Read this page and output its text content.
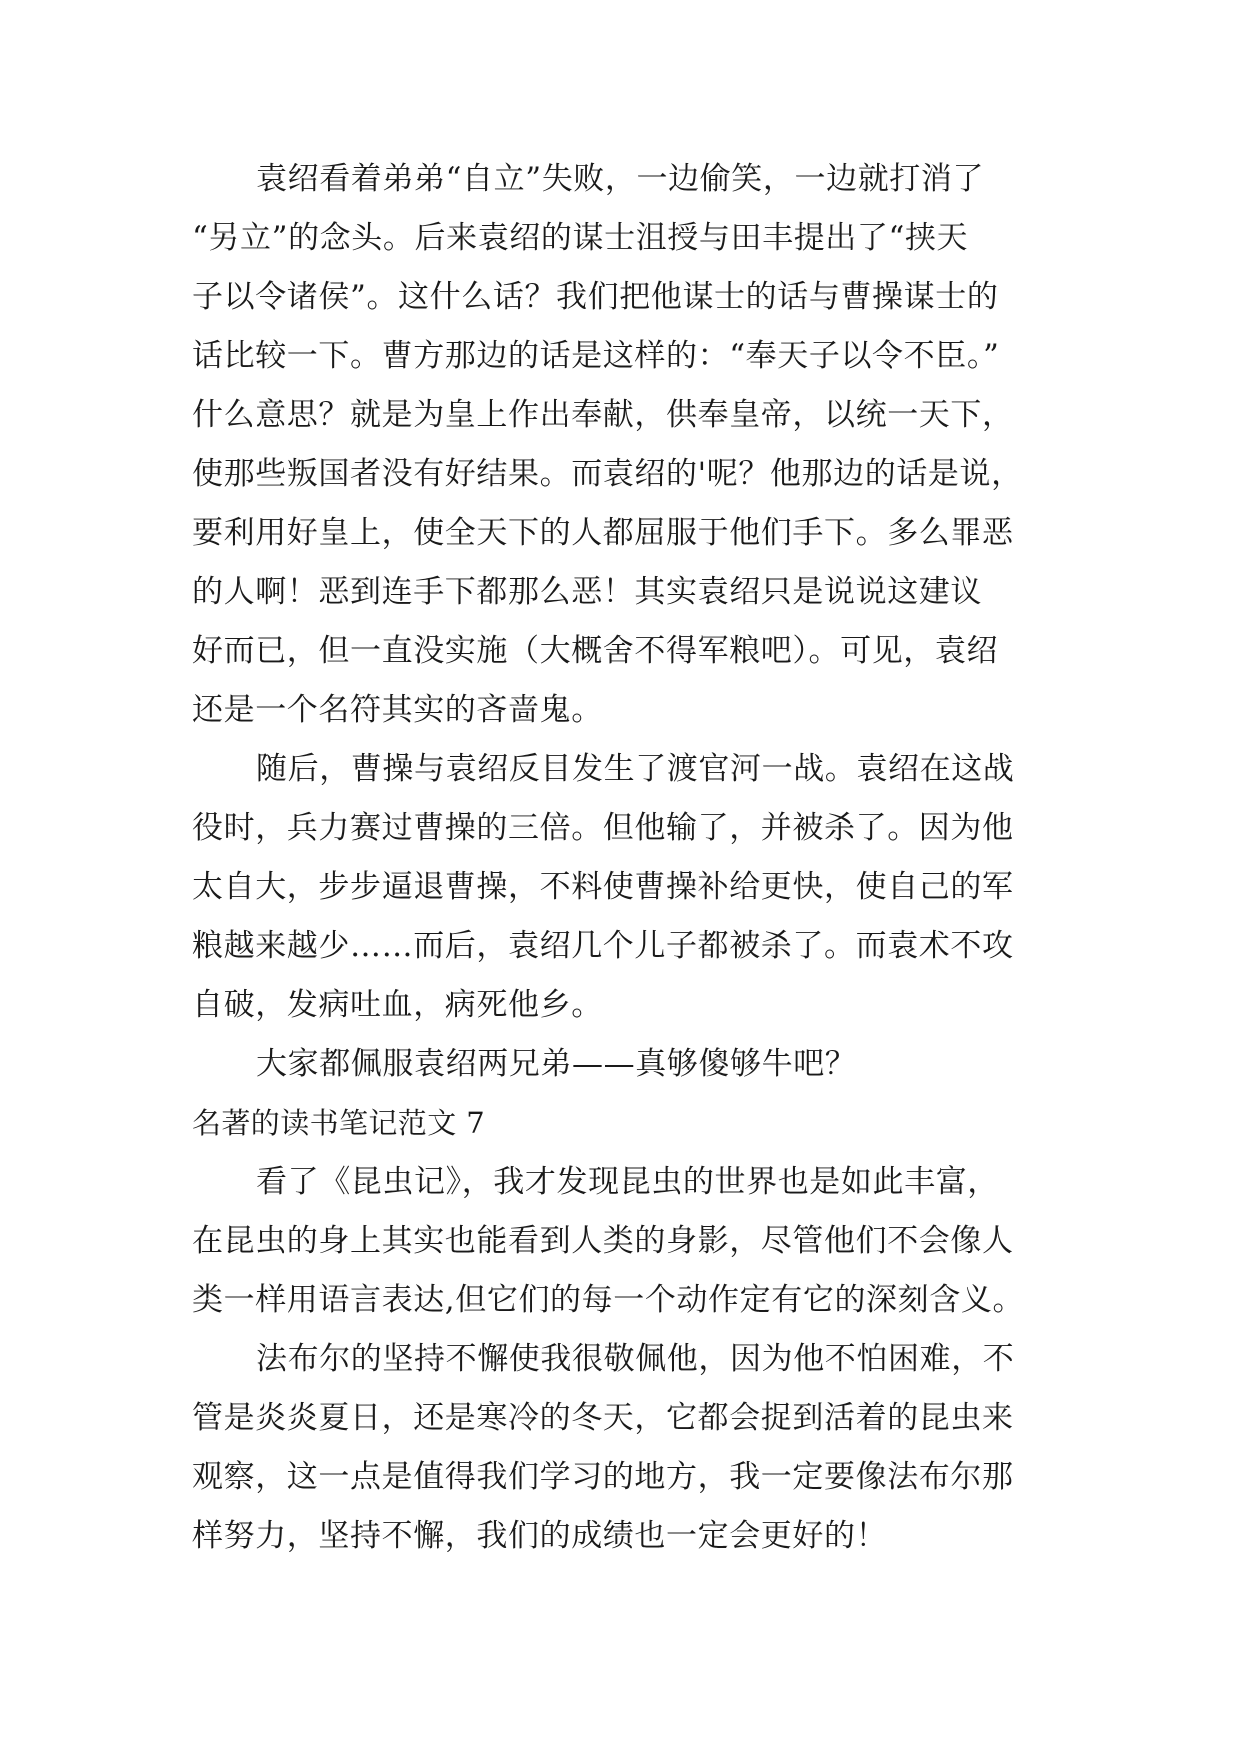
袁绍看着弟弟“自立”失败，一边偷笑，一边就打消了
“另立”的念头。后来袁绍的谋士沮授与田丰提出了“挟天
子以令诸侯”。这什么话？我们把他谋士的话与曹操谋士的
话比较一下。曹方那边的话是这样的：“奉天子以令不臣。”
什么意思？就是为皇上作出奉献，供奉皇帝，以统一天下，
使那些叛国者没有好结果。而袁绍的'呢？他那边的话是说，
要利用好皇上，使全天下的人都屈服于他们手下。多么罪恶
的人啊！恶到连手下都那么恶！其实袁绍只是说说这建议
好而已，但一直没实施（大概舍不得军粮吧）。可见，袁绍
还是一个名符其实的吝啬鬼。
随后，曹操与袁绍反目发生了渡官河一战。袁绍在这战
役时，兵力赛过曹操的三倍。但他输了，并被杀了。因为他
太自大，步步逼退曹操，不料使曹操补给更快，使自己的军
粮越来越少……而后，袁绍几个儿子都被杀了。而袁术不攻
自破，发病吐血，病死他乡。
大家都佩服袁绍两兄弟——真够傻够牛吧？
名著的读书笔记范文 7
看了《昆虫记》，我才发现昆虫的世界也是如此丰富，
在昆虫的身上其实也能看到人类的身影，尽管他们不会像人
类一样用语言表达,但它们的每一个动作定有它的深刻含义。
法布尔的坚持不懈使我很敬佩他，因为他不怕困难，不
管是炎炎夏日，还是寒冷的冬天，它都会捉到活着的昆虫来
观察，这一点是值得我们学习的地方，我一定要像法布尔那
样努力，坚持不懈，我们的成绩也一定会更好的！
